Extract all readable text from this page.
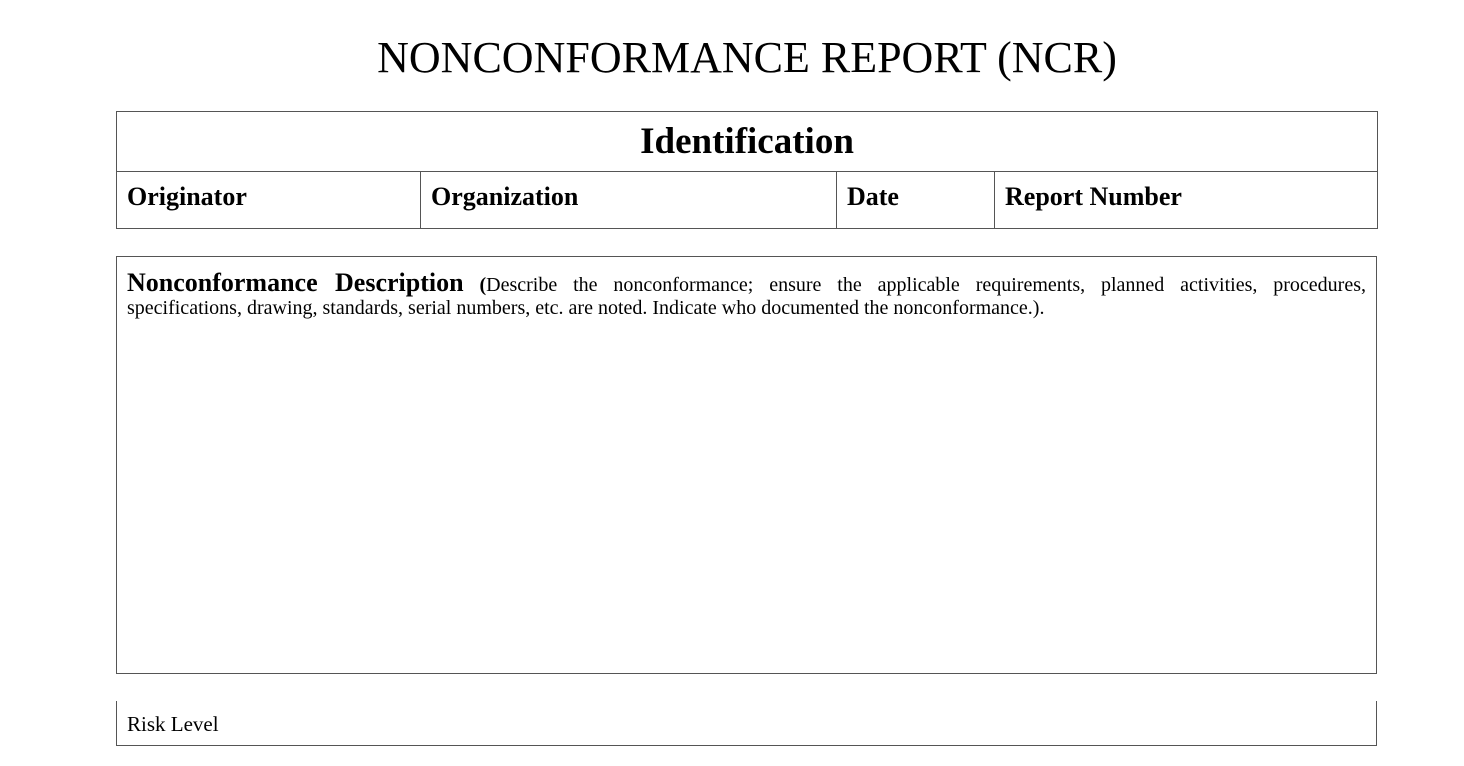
NONCONFORMANCE REPORT (NCR)
Identification
Originator	Organization	Date	Report Number
Nonconformance Description (Describe the nonconformance; ensure the applicable requirements, planned activities, procedures, specifications, drawing, standards, serial numbers, etc. are noted. Indicate who documented the nonconformance.).
Risk Level
